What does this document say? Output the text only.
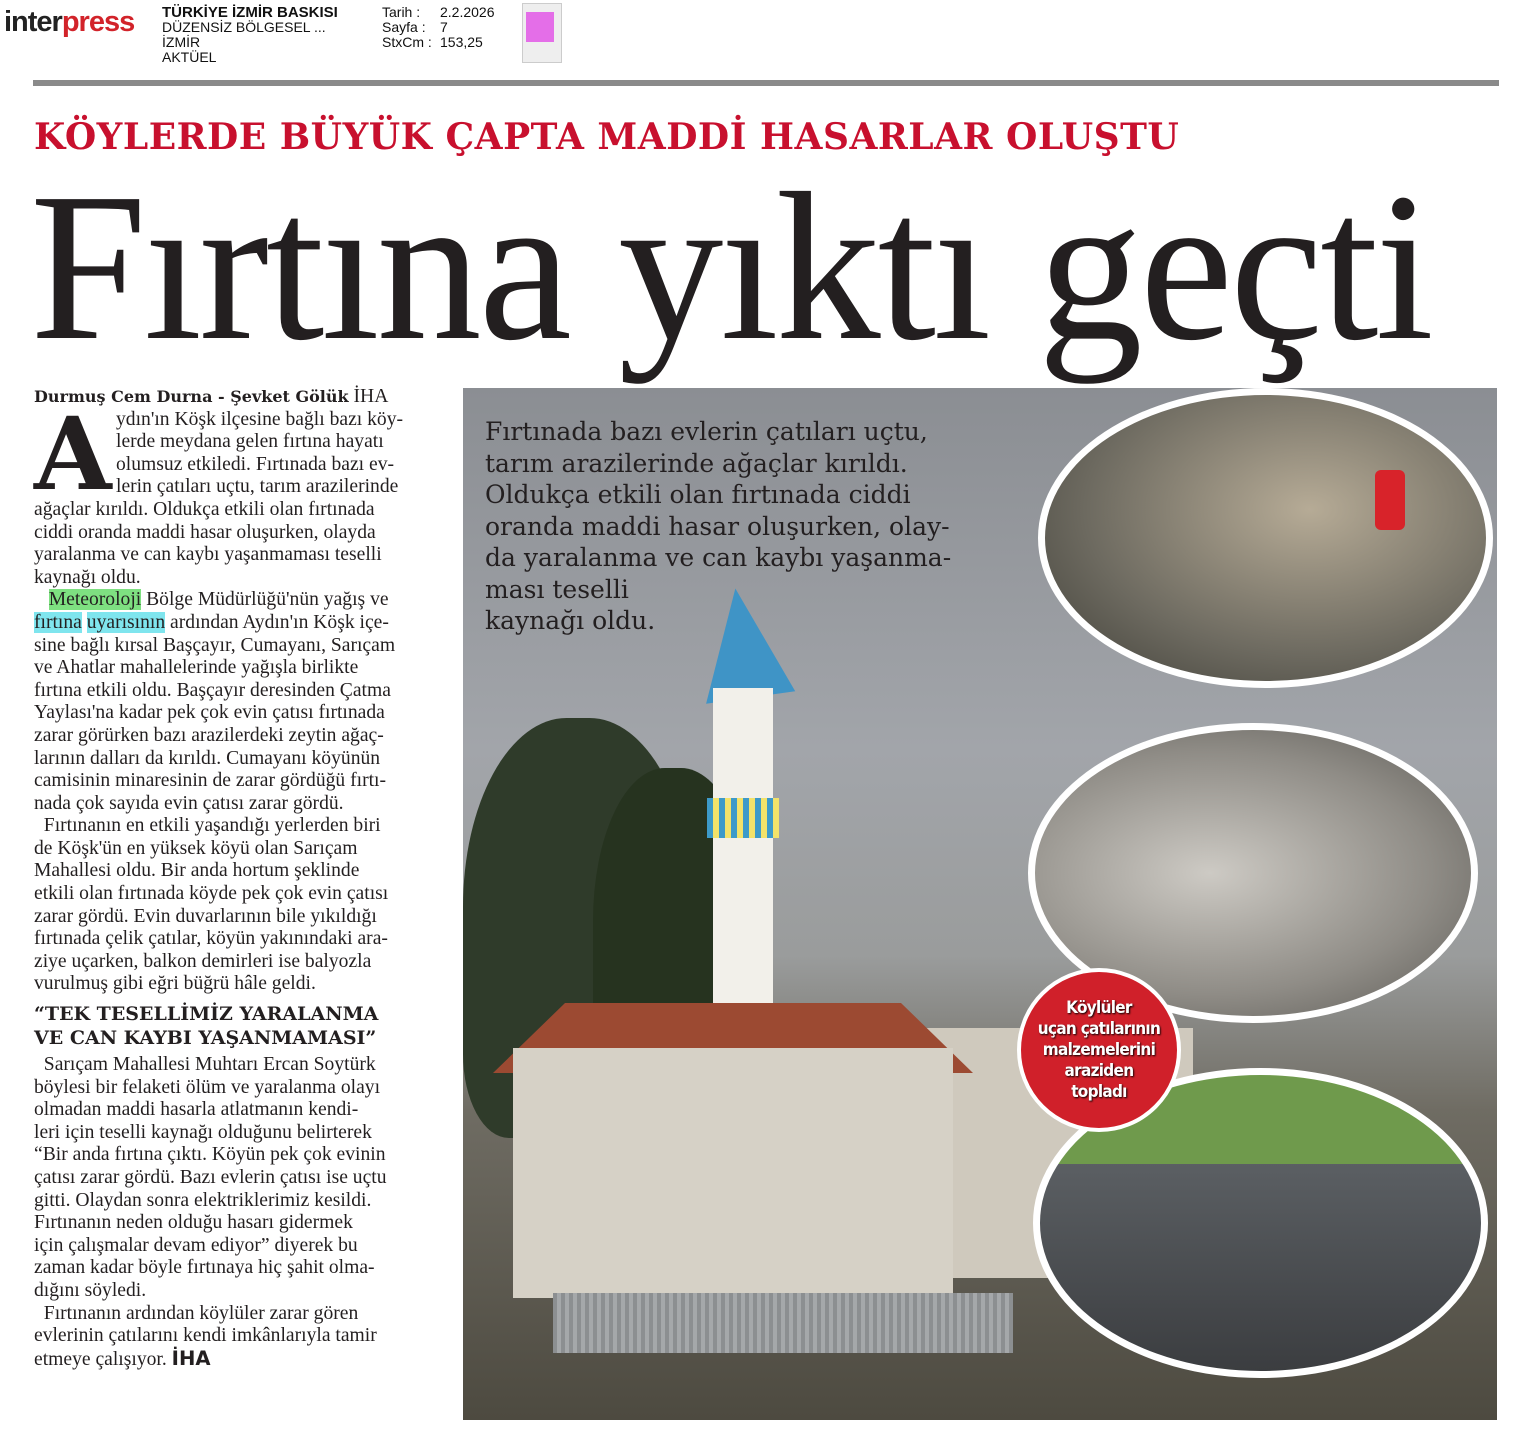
interpress TÜRKİYE İZMİR BASKISI
DÜZENSİZ BÖLGESEL ...
İZMİR
AKTÜEL
Tarih : 2.2.2026
Sayfa : 7
StxCm : 153,25
KÖYLERDE BÜYÜK ÇAPTA MADDİ HASARLAR OLUŞTU
Fırtına yıktı geçti
Durmuş Cem Durna - Şevket Gölük İHA
A ydın'ın Köşk ilçesine bağlı bazı köy-
lerde meydana gelen fırtına hayatı
olumsuz etkiledi. Fırtınada bazı ev-
lerin çatıları uçtu, tarım arazilerinde
ağaçlar kırıldı. Oldukça etkili olan fırtınada
ciddi oranda maddi hasar oluşurken, olayda
yaralanma ve can kaybı yaşanmaması teselli
kaynağı oldu.
Meteoroloji Bölge Müdürlüğü'nün yağış ve
fırtına uyarısının ardından Aydın'ın Köşk içe-
sine bağlı kırsal Başçayır, Cumayanı, Sarıçam
ve Ahatlar mahallelerinde yağışla birlikte
fırtına etkili oldu. Başçayır deresinden Çatma
Yaylası'na kadar pek çok evin çatısı fırtınada
zarar görürken bazı arazilerdeki zeytin ağaç-
larının dalları da kırıldı. Cumayanı köyünün
camisinin minaresinin de zarar gördüğü fırtı-
nada çok sayıda evin çatısı zarar gördü.
Fırtınanın en etkili yaşandığı yerlerden biri
de Köşk'ün en yüksek köyü olan Sarıçam
Mahallesi oldu. Bir anda hortum şeklinde
etkili olan fırtınada köyde pek çok evin çatısı
zarar gördü. Evin duvarlarının bile yıkıldığı
fırtınada çelik çatılar, köyün yakınındaki ara-
ziye uçarken, balkon demirleri ise balyozla
vurulmuş gibi eğri büğrü hâle geldi.
“TEK TESELLİMİZ YARALANMA
VE CAN KAYBI YAŞANMAMASI”
Sarıçam Mahallesi Muhtarı Ercan Soytürk
böylesi bir felaketi ölüm ve yaralanma olayı
olmadan maddi hasarla atlatmanın kendi-
leri için teselli kaynağı olduğunu belirterek
“Bir anda fırtına çıktı. Köyün pek çok evinin
çatısı zarar gördü. Bazı evlerin çatısı ise uçtu
gitti. Olaydan sonra elektriklerimiz kesildi.
Fırtınanın neden olduğu hasarı gidermek
için çalışmalar devam ediyor” diyerek bu
zaman kadar böyle fırtınaya hiç şahit olma-
dığını söyledi.
Fırtınanın ardından köylüler zarar gören
evlerinin çatılarını kendi imkânlarıyla tamir
etmeye çalışıyor. İHA
Fırtınada bazı evlerin çatıları uçtu,
tarım arazilerinde ağaçlar kırıldı.
Oldukça etkili olan fırtınada ciddi
oranda maddi hasar oluşurken, olay-
da yaralanma ve can kaybı yaşanma-
ması teselli
kaynağı oldu.
Köylüler
uçan çatılarının
malzemelerini
araziden
topladı
